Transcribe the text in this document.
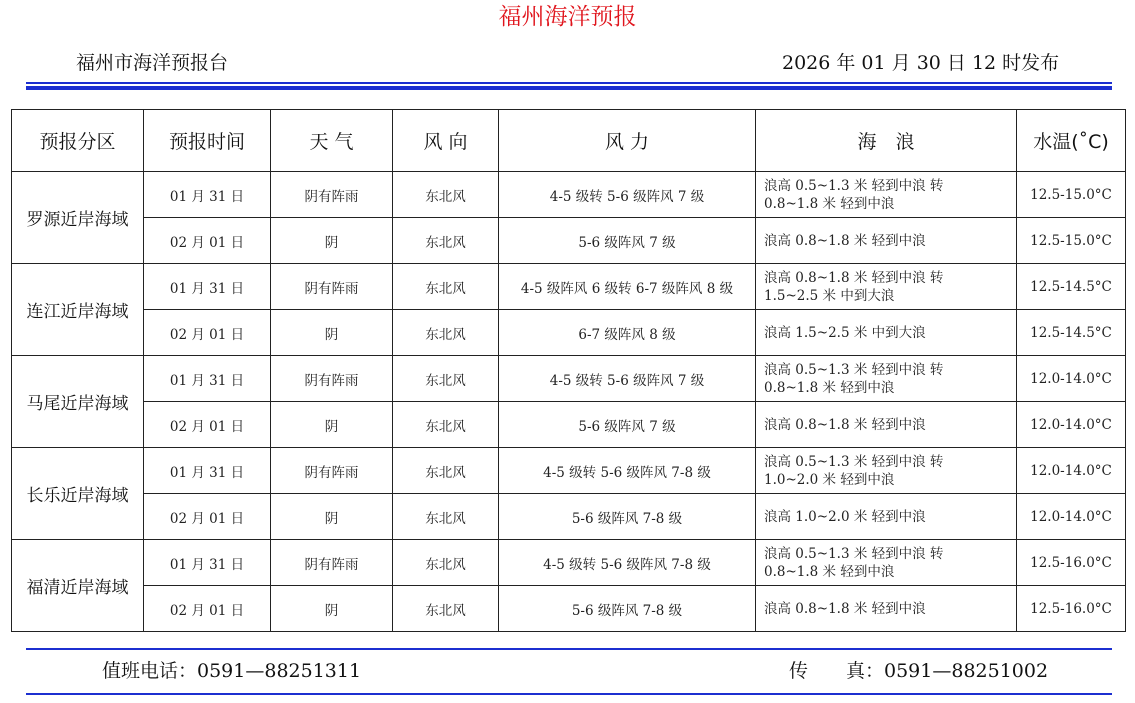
福州海洋预报
福州市海洋预报台	2026 年 01 月 30 日 12 时发布
预报分区	预报时间	天 气	风 向	风 力	海　浪	水温(˚C)
罗源近岸海域	01 月 31 日	阴有阵雨	东北风	4-5 级转 5-6 级阵风 7 级	浪高 0.5~1.3 米 轻到中浪 转
0.8~1.8 米 轻到中浪	12.5-15.0°C
	02 月 01 日	阴	东北风	5-6 级阵风 7 级	浪高 0.8~1.8 米 轻到中浪	12.5-15.0°C
连江近岸海域	01 月 31 日	阴有阵雨	东北风	4-5 级阵风 6 级转 6-7 级阵风 8 级	浪高 0.8~1.8 米 轻到中浪 转
1.5~2.5 米 中到大浪	12.5-14.5°C
	02 月 01 日	阴	东北风	6-7 级阵风 8 级	浪高 1.5~2.5 米 中到大浪	12.5-14.5°C
马尾近岸海域	01 月 31 日	阴有阵雨	东北风	4-5 级转 5-6 级阵风 7 级	浪高 0.5~1.3 米 轻到中浪 转
0.8~1.8 米 轻到中浪	12.0-14.0°C
	02 月 01 日	阴	东北风	5-6 级阵风 7 级	浪高 0.8~1.8 米 轻到中浪	12.0-14.0°C
长乐近岸海域	01 月 31 日	阴有阵雨	东北风	4-5 级转 5-6 级阵风 7-8 级	浪高 0.5~1.3 米 轻到中浪 转
1.0~2.0 米 轻到中浪	12.0-14.0°C
	02 月 01 日	阴	东北风	5-6 级阵风 7-8 级	浪高 1.0~2.0 米 轻到中浪	12.0-14.0°C
福清近岸海域	01 月 31 日	阴有阵雨	东北风	4-5 级转 5-6 级阵风 7-8 级	浪高 0.5~1.3 米 轻到中浪 转
0.8~1.8 米 轻到中浪	12.5-16.0°C
	02 月 01 日	阴	东北风	5-6 级阵风 7-8 级	浪高 0.8~1.8 米 轻到中浪	12.5-16.0°C
值班电话：0591—88251311	传　　真：0591—88251002
